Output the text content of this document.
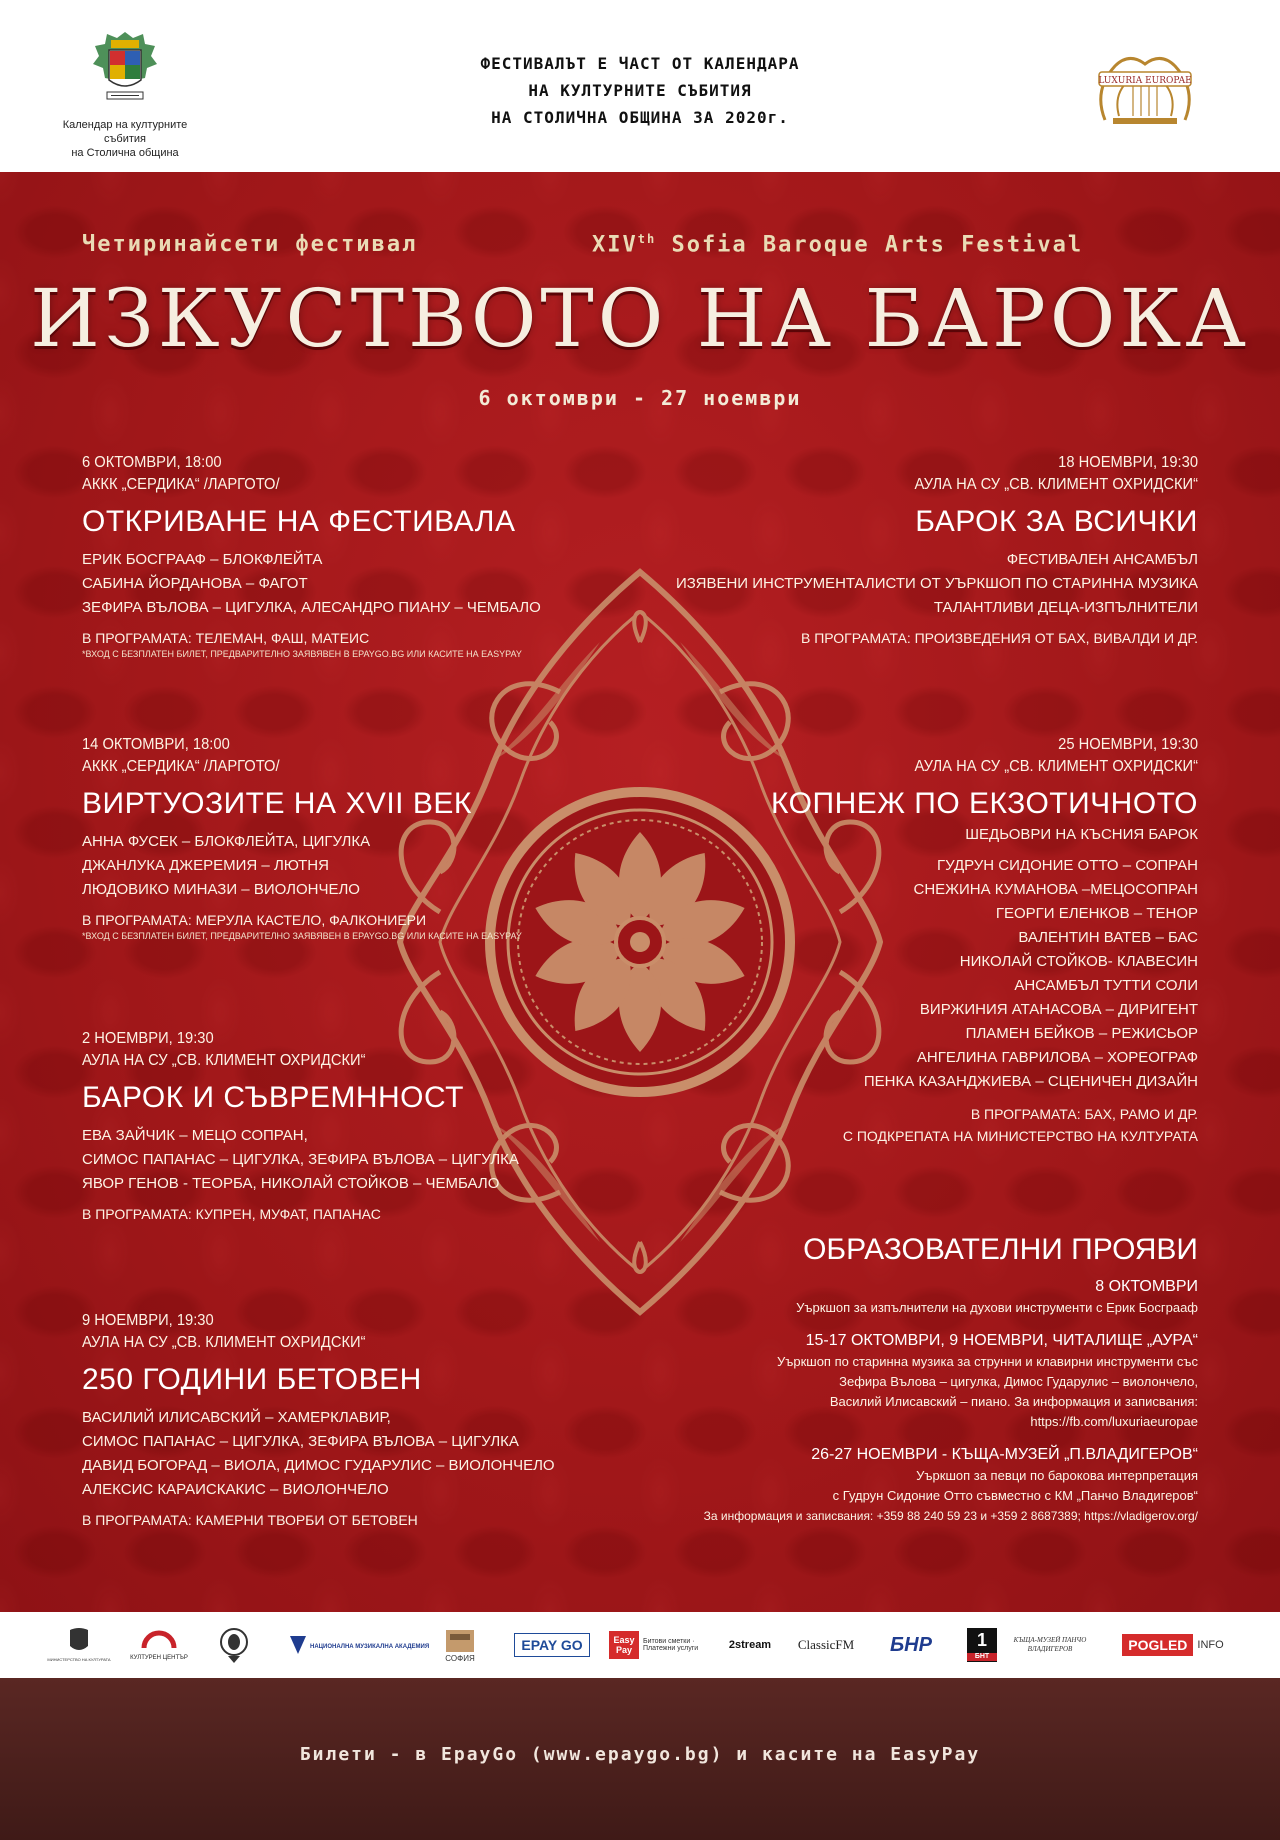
Календар на културните събития
на Столична община
ФЕСТИВАЛЪТ Е ЧАСТ ОТ КАЛЕНДАРА
НА КУЛТУРНИТЕ СЪБИТИЯ
НА СТОЛИЧНА ОБЩИНА ЗА 2020г.
LUXURIA EUROPAE
Четиринайсети фестивал	XIVth Sofia Baroque Arts Festival
ИЗКУСТВОТО НА БАРОКА
6 октомври - 27 ноември
6 ОКТОМВРИ, 18:00
АККК „СЕРДИКА“ /ЛАРГОТО/
ОТКРИВАНЕ НА ФЕСТИВАЛА
ЕРИК БОСГРААФ – БЛОКФЛЕЙТА
САБИНА ЙОРДАНОВА – ФАГОТ
ЗЕФИРА ВЪЛОВА – ЦИГУЛКА, АЛЕСАНДРО ПИАНУ – ЧЕМБАЛО
В ПРОГРАМАТА: ТЕЛЕМАН, ФАШ, МАТЕИС
*ВХОД С БЕЗПЛАТЕН БИЛЕТ, ПРЕДВАРИТЕЛНО ЗАЯВЯВЕН В EPAYGO.BG ИЛИ КАСИТЕ НА EASYPAY
14 ОКТОМВРИ, 18:00
АККК „СЕРДИКА“ /ЛАРГОТО/
ВИРТУОЗИТЕ НА XVII ВЕК
АННА ФУСЕК – БЛОКФЛЕЙТА, ЦИГУЛКА
ДЖАНЛУКА ДЖЕРЕМИЯ – ЛЮТНЯ
ЛЮДОВИКО МИНАЗИ – ВИОЛОНЧЕЛО
В ПРОГРАМАТА: МЕРУЛА КАСТЕЛО, ФАЛКОНИЕРИ
*ВХОД С БЕЗПЛАТЕН БИЛЕТ, ПРЕДВАРИТЕЛНО ЗАЯВЯВЕН В EPAYGO.BG ИЛИ КАСИТЕ НА EASYPAY
2 НОЕМВРИ, 19:30
АУЛА НА СУ „СВ. КЛИМЕНТ ОХРИДСКИ“
БАРОК И СЪВРЕМННОСТ
ЕВА ЗАЙЧИК – МЕЦО СОПРАН,
СИМОС ПАПАНАС – ЦИГУЛКА, ЗЕФИРА ВЪЛОВА – ЦИГУЛКА
ЯВОР ГЕНОВ - ТЕОРБА, НИКОЛАЙ СТОЙКОВ – ЧЕМБАЛО
В ПРОГРАМАТА: КУПРЕН, МУФАТ, ПАПАНАС
9 НОЕМВРИ, 19:30
АУЛА НА СУ „СВ. КЛИМЕНТ ОХРИДСКИ“
250 ГОДИНИ БЕТОВЕН
ВАСИЛИЙ ИЛИСАВСКИЙ – ХАМЕРКЛАВИР,
СИМОС ПАПАНАС – ЦИГУЛКА, ЗЕФИРА ВЪЛОВА – ЦИГУЛКА
ДАВИД БОГОРАД – ВИОЛА, ДИМОС ГУДАРУЛИС – ВИОЛОНЧЕЛО
АЛЕКСИС КАРАИСКАКИС – ВИОЛОНЧЕЛО
В ПРОГРАМАТА: КАМЕРНИ ТВОРБИ ОТ БЕТОВЕН
18 НОЕМВРИ, 19:30
АУЛА НА СУ „СВ. КЛИМЕНТ ОХРИДСКИ“
БАРОК ЗА ВСИЧКИ
ФЕСТИВАЛЕН АНСАМБЪЛ
ИЗЯВЕНИ ИНСТРУМЕНТАЛИСТИ ОТ УЪРКШОП ПО СТАРИННА МУЗИКА
ТАЛАНТЛИВИ ДЕЦА-ИЗПЪЛНИТЕЛИ
В ПРОГРАМАТА: ПРОИЗВЕДЕНИЯ ОТ БАХ, ВИВАЛДИ И ДР.
25 НОЕМВРИ, 19:30
АУЛА НА СУ „СВ. КЛИМЕНТ ОХРИДСКИ“
КОПНЕЖ ПО ЕКЗОТИЧНОТО
ШЕДЬОВРИ НА КЪСНИЯ БАРОК
ГУДРУН СИДОНИЕ ОТТО – СОПРАН
СНЕЖИНА КУМАНОВА –МЕЦОСОПРАН
ГЕОРГИ ЕЛЕНКОВ – ТЕНОР
ВАЛЕНТИН ВАТЕВ – БАС
НИКОЛАЙ СТОЙКОВ- КЛАВЕСИН
АНСАМБЪЛ ТУТТИ СОЛИ
ВИРЖИНИЯ АТАНАСОВА – ДИРИГЕНТ
ПЛАМЕН БЕЙКОВ – РЕЖИСЬОР
АНГЕЛИНА ГАВРИЛОВА – ХОРЕОГРАФ
ПЕНКА КАЗАНДЖИЕВА – СЦЕНИЧЕН ДИЗАЙН
В ПРОГРАМАТА: БАХ, РАМО И ДР.
С ПОДКРЕПАТА НА МИНИСТЕРСТВО НА КУЛТУРАТА
ОБРАЗОВАТЕЛНИ ПРОЯВИ
8 ОКТОМВРИ
Уъркшоп за изпълнители на духови инструменти с Ерик Босграаф
15-17 ОКТОМВРИ, 9 НОЕМВРИ, ЧИТАЛИЩЕ „АУРА“
Уъркшоп по старинна музика за струнни и клавирни инструменти със
Зефира Вълова – цигулка, Димос Гударулис – виолончело,
Василий Илисавский – пиано. За информация и записвания:
https://fb.com/luxuriaeuropae
26-27 НОЕМВРИ - КЪЩА-МУЗЕЙ „П.ВЛАДИГЕРОВ“
Уъркшоп за певци по барокова интерпретация
с Гудрун Сидоние Отто съвместно с КМ „Панчо Владигеров“
За информация и записвания: +359 88 240 59 23 и +359 2 8687389; https://vladigerov.org/
МИНИСТЕРСТВО НА КУЛТУРАТА	КУЛТУРЕН ЦЕНТЪР
НАЦИОНАЛНА МУЗИКАЛНА АКАДЕМИЯ
СОФИЯ
EPAY GO	Easy Pay
Битови сметки · Платежни услуги	2stream ClassicFM БНР	1
БНТ
КЪЩА-МУЗЕЙ ПАНЧО ВЛАДИГЕРОВ	POGLED INFO
Билети - в EpayGo (www.epaygo.bg) и касите на EasyPay
